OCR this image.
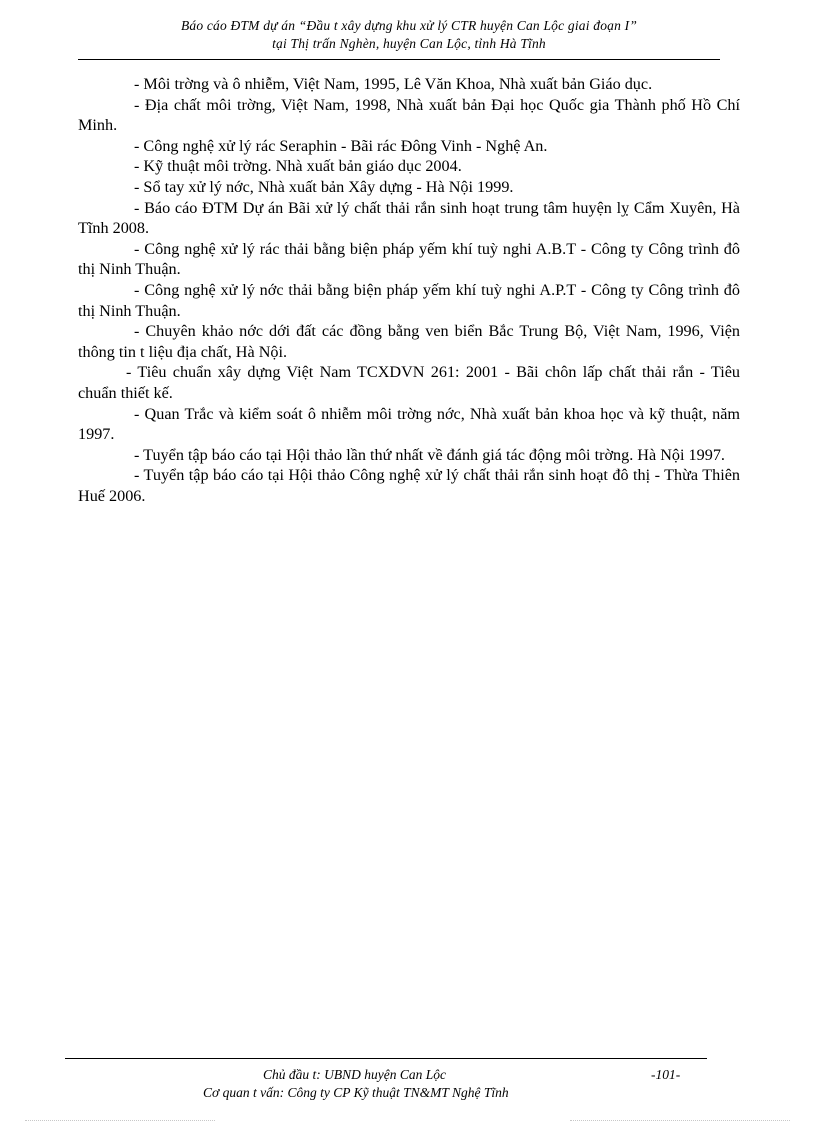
Báo cáo ĐTM dự án “Đầu t xây dựng khu xử lý CTR huyện Can Lộc giai đoạn I”
tại Thị trấn Nghèn, huyện Can Lộc, tỉnh Hà Tĩnh

- Môi trờng và ô nhiễm, Việt Nam, 1995, Lê Văn Khoa, Nhà xuất bản Giáo dục.

- Địa chất môi trờng, Việt Nam, 1998, Nhà xuất bản Đại học Quốc gia Thành phố Hồ Chí Minh.

- Công nghệ xử lý rác Seraphin - Bãi rác Đông Vinh - Nghệ An.

- Kỹ thuật môi trờng. Nhà xuất bản giáo dục 2004.

- Sổ tay xử lý nớc, Nhà xuất bản Xây dựng - Hà Nội 1999.

- Báo cáo ĐTM Dự án Bãi xử lý chất thải rắn sinh hoạt trung tâm huyện lỵ Cẩm Xuyên, Hà Tĩnh 2008.

- Công nghệ xử lý rác thải bằng biện pháp yếm khí tuỳ nghi A.B.T - Công ty Công trình đô thị Ninh Thuận.

- Công nghệ xử lý nớc thải bằng biện pháp yếm khí tuỳ nghi A.P.T - Công ty Công trình đô thị Ninh Thuận.

- Chuyên khảo nớc dới đất các đồng bằng ven biển Bắc Trung Bộ, Việt Nam, 1996, Viện thông tin t liệu địa chất, Hà Nội.

- Tiêu chuẩn xây dựng Việt Nam TCXDVN 261: 2001 - Bãi chôn lấp chất thải rắn - Tiêu chuẩn thiết kế.

- Quan Trắc và kiểm soát ô nhiễm môi trờng nớc, Nhà xuất bản khoa học và kỹ thuật, năm 1997.

- Tuyển tập báo cáo tại Hội thảo lần thứ nhất về đánh giá tác động môi trờng. Hà Nội 1997.

- Tuyển tập báo cáo tại Hội thảo Công nghệ xử lý chất thải rắn sinh hoạt đô thị - Thừa Thiên Huế 2006.

Chủ đầu t: UBND huyện Can Lộc	-101-
Cơ quan t vấn: Công ty CP Kỹ thuật TN&MT Nghệ Tĩnh
